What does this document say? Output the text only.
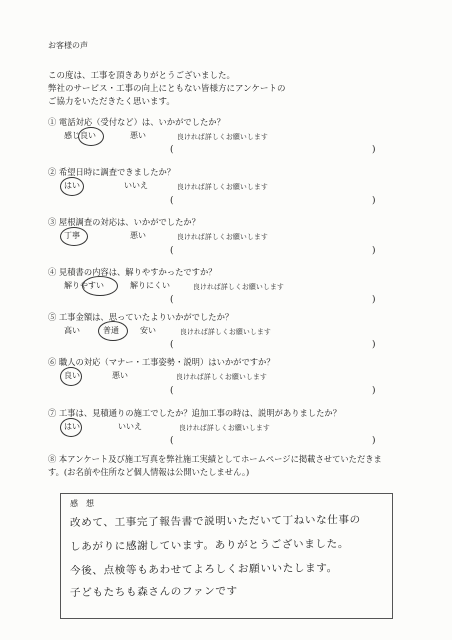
お客様の声
この度は、工事を頂きありがとうございました。
弊社のサービス・工事の向上にともない皆様方にアンケートの
ご協力をいただきたく思います。
① 電話対応（受付など）は、いかがでしたか？
感じ良い	悪い	良ければ詳しくお願いします
(	)
② 希望日時に調査できましたか？
はい	いいえ	良ければ詳しくお願いします
(	)
③ 屋根調査の対応は、いかがでしたか？
丁寧	悪い	良ければ詳しくお願いします
(	)
④ 見積書の内容は、解りやすかったですか？
解りやすい	解りにくい	良ければ詳しくお願いします
(	)
⑤ 工事金額は、思っていたよりいかがでしたか？
高い	普通	安い	良ければ詳しくお願いします
(	)
⑥ 職人の対応（マナー・工事姿勢・説明）はいかがですか？
良い	悪い	良ければ詳しくお願いします
(	)
⑦ 工事は、見積通りの施工でしたか？追加工事の時は、説明がありましたか？
はい	いいえ	良ければ詳しくお願いします
(	)
⑧ 本アンケート及び施工写真を弊社施工実績としてホームページに掲載させていただきます。(お名前や住所など個人情報は公開いたしません。)
感　想
改めて、工事完了報告書で説明いただいて丁ねいな仕事の
しあがりに感謝しています。ありがとうございました。
今後、点検等もあわせてよろしくお願いいたします。
子どもたちも森さんのファンです
